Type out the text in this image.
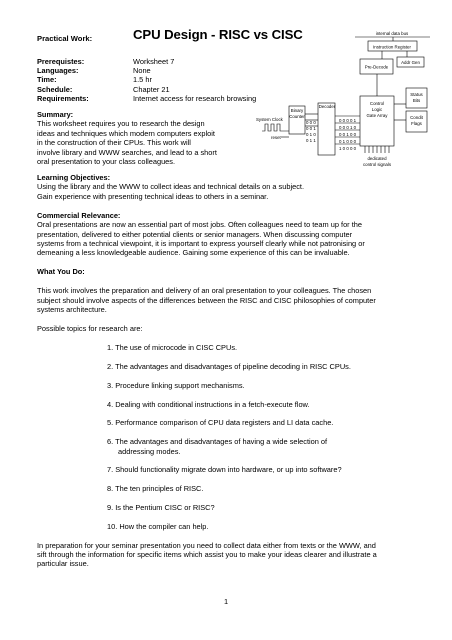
Practical Work:	CPU Design - RISC vs CISC
Prerequistes:	Worksheet 7
Languages:	None
Time:	1.5 hr
Schedule:	Chapter 21
Requirements:	Internet access for research browsing
Summary:
This worksheet requires you to research the design
ideas and techniques which modern computers exploit
in the construction of their CPUs. This work will
involve library and WWW searches, and lead to a short
oral presentation to your class colleagues.
internal data bus
Instruction Register
Pre-Decode
Addr Gen
Status
Bits
Condit
Flags
Control
Logic
Gate Array
Binary
Counter
Decoder
System Clock
reset
0 0 0
0 0 1
0 1 0
0 1 1
0 0 0 0 1
0 0 0 1 0
0 0 1 0 0
0 1 0 0 0
1 0 0 0 0
dedicated
control signals
Learning Objectives:
Using the library and the WWW to collect ideas and technical details on a subject.
Gain experience with presenting technical ideas to others in a seminar.
Commercial Relevance:
Oral presentations are now an essential part of most jobs. Often colleagues need to team up for the
presentation, delivered to either potential clients or senior managers. When discussing computer
systems from a technical viewpoint, it is important to express yourself clearly while not patronising or
demeaning a less knowledgeable audience. Gaining some experience of this can be invaluable.
What You Do:
This work involves the preparation and delivery of an oral presentation to your colleagues. The chosen
subject should involve aspects of the differences between the RISC and CISC philosophies of computer
systems architecture.
Possible topics for research are:
1. The use of microcode in CISC CPUs.
2. The advantages and disadvantages of pipeline decoding in RISC CPUs.
3. Procedure linking support mechanisms.
4. Dealing with conditional instructions in a fetch-execute flow.
5. Performance comparison of CPU data registers and LI data cache.
6. The advantages and disadvantages of having a wide selection of
addressing modes.
7. Should functionality migrate down into hardware, or up into software?
8. The ten principles of RISC.
9. Is the Pentium CISC or RISC?
10. How the compiler can help.
In preparation for your seminar presentation you need to collect data either from texts or the WWW, and
sift through the information for specific items which assist you to make your ideas clearer and illustrate a
particular issue.
1
